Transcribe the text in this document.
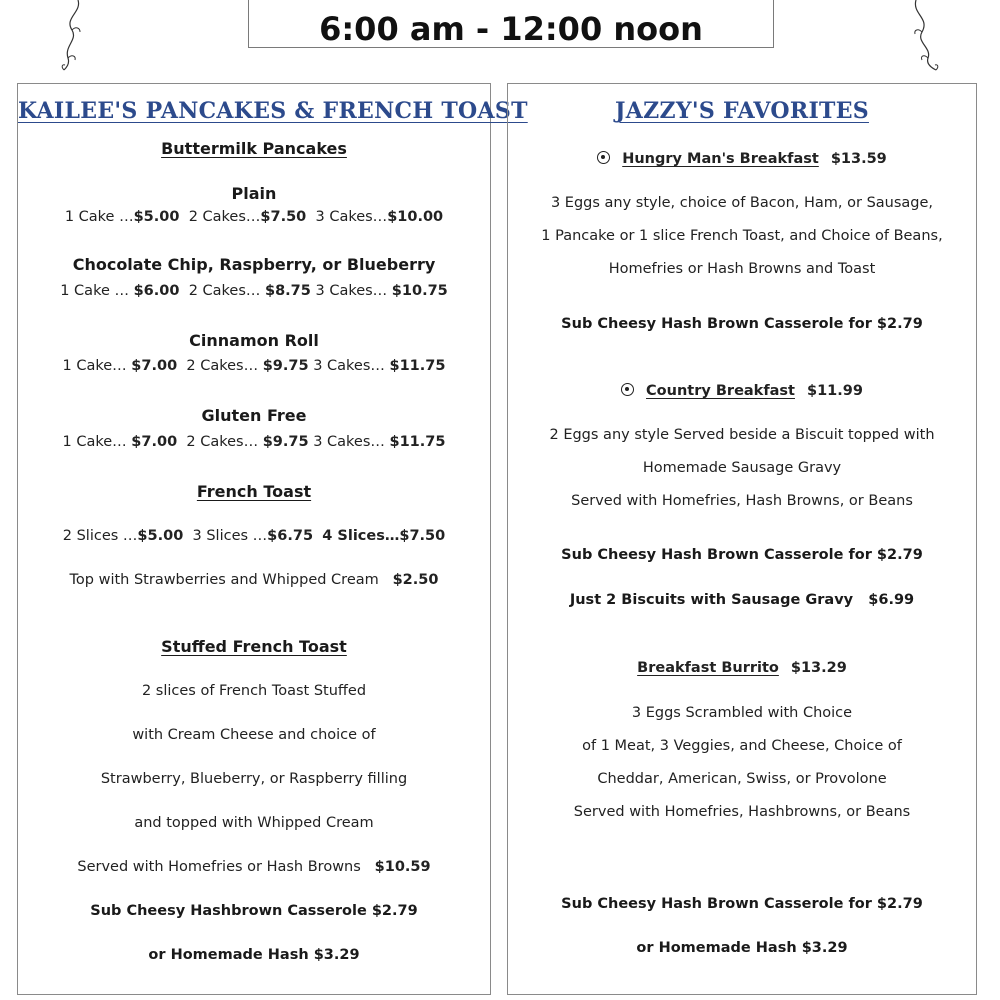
6:00 am - 12:00 noon
KAILEE'S PANCAKES & FRENCH TOAST
Buttermilk Pancakes
Plain
1 Cake …$5.00 2 Cakes…$7.50 3 Cakes…$10.00
Chocolate Chip, Raspberry, or Blueberry
1 Cake … $6.00 2 Cakes… $8.75 3 Cakes… $10.75
Cinnamon Roll
1 Cake… $7.00 2 Cakes… $9.75 3 Cakes… $11.75
Gluten Free
1 Cake… $7.00 2 Cakes… $9.75 3 Cakes… $11.75
French Toast
2 Slices …$5.00 3 Slices …$6.75 4 Slices…$7.50
Top with Strawberries and Whipped Cream $2.50
Stuffed French Toast
2 slices of French Toast Stuffed
with Cream Cheese and choice of
Strawberry, Blueberry, or Raspberry filling
and topped with Whipped Cream
Served with Homefries or Hash Browns $10.59
Sub Cheesy Hashbrown Casserole $2.79
or Homemade Hash $3.29
JAZZY'S FAVORITES
Hungry Man's Breakfast $13.59
3 Eggs any style, choice of Bacon, Ham, or Sausage,
1 Pancake or 1 slice French Toast, and Choice of Beans,
Homefries or Hash Browns and Toast
Sub Cheesy Hash Brown Casserole for $2.79
Country Breakfast $11.99
2 Eggs any style Served beside a Biscuit topped with
Homemade Sausage Gravy
Served with Homefries, Hash Browns, or Beans
Sub Cheesy Hash Brown Casserole for $2.79
Just 2 Biscuits with Sausage Gravy $6.99
Breakfast Burrito $13.29
3 Eggs Scrambled with Choice
of 1 Meat, 3 Veggies, and Cheese, Choice of
Cheddar, American, Swiss, or Provolone
Served with Homefries, Hashbrowns, or Beans
Sub Cheesy Hash Brown Casserole for $2.79
or Homemade Hash $3.29
